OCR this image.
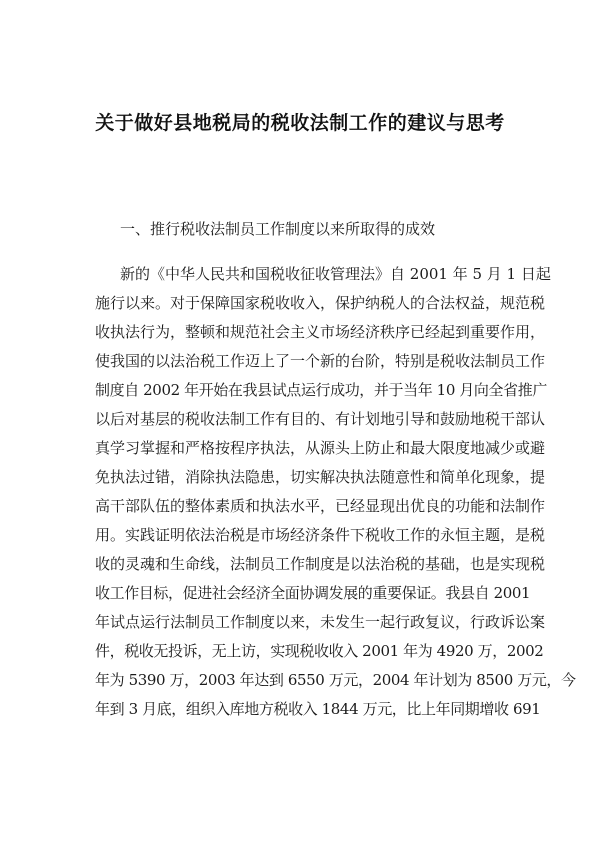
关于做好县地税局的税收法制工作的建议与思考
一、推行税收法制员工作制度以来所取得的成效
新的《中华人民共和国税收征收管理法》自 2001 年 5 月 1 日起
施行以来。对于保障国家税收收入，保护纳税人的合法权益，规范税
收执法行为，整顿和规范社会主义市场经济秩序已经起到重要作用，
使我国的以法治税工作迈上了一个新的台阶，特别是税收法制员工作
制度自 2002 年开始在我县试点运行成功，并于当年 10 月向全省推广
以后对基层的税收法制工作有目的、有计划地引导和鼓励地税干部认
真学习掌握和严格按程序执法，从源头上防止和最大限度地减少或避
免执法过错，消除执法隐患，切实解决执法随意性和简单化现象，提
高干部队伍的整体素质和执法水平，已经显现出优良的功能和法制作
用。实践证明依法治税是市场经济条件下税收工作的永恒主题，是税
收的灵魂和生命线，法制员工作制度是以法治税的基础，也是实现税
收工作目标，促进社会经济全面协调发展的重要保证。我县自 2001
年试点运行法制员工作制度以来，未发生一起行政复议，行政诉讼案
件，税收无投诉，无上访，实现税收收入 2001 年为 4920 万，2002
年为 5390 万，2003 年达到 6550 万元，2004 年计划为 8500 万元，今
年到 3 月底，组织入库地方税收入 1844 万元，比上年同期增收 691
